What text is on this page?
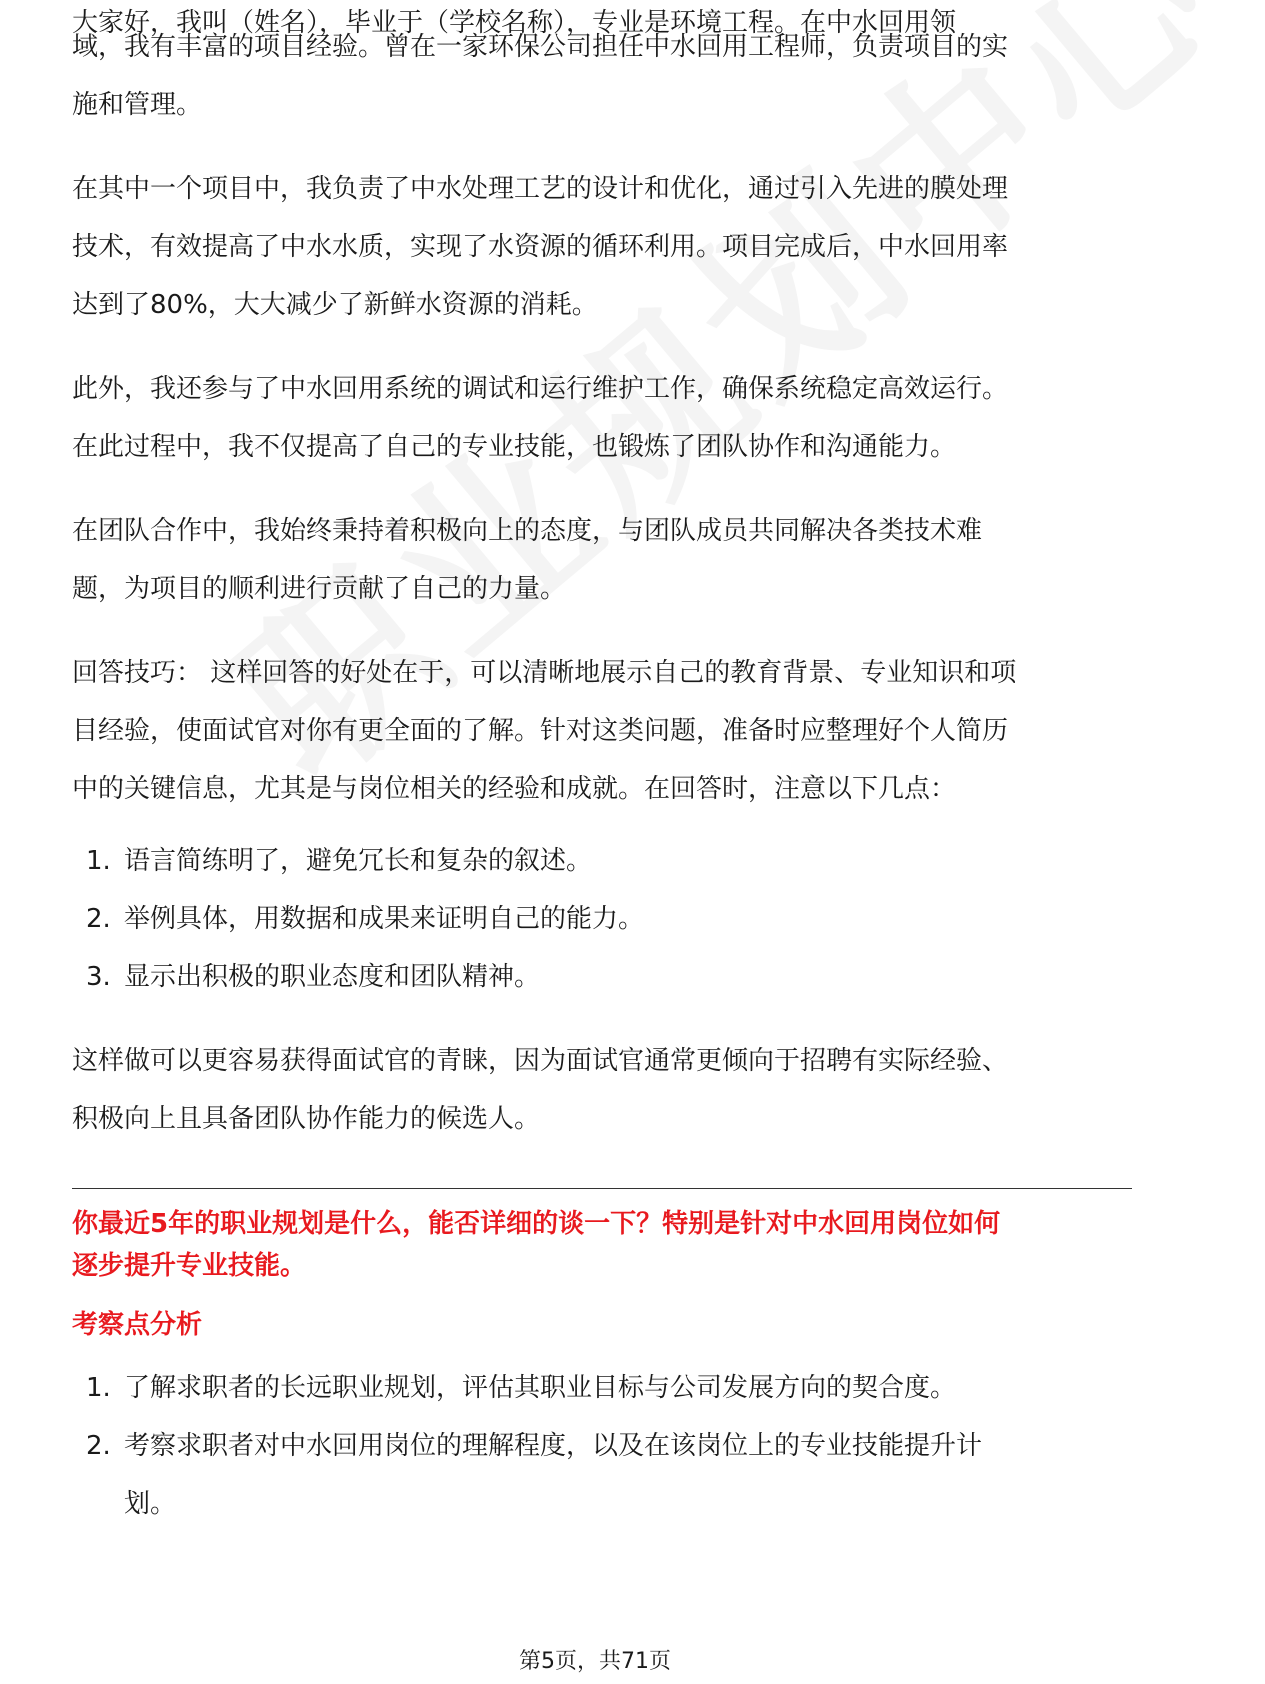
大家好，我叫（姓名），毕业于（学校名称），专业是环境工程。在中水回用领

域，我有丰富的项目经验。曾在一家环保公司担任中水回用工程师，负责项目的实
施和管理。

在其中一个项目中，我负责了中水处理工艺的设计和优化，通过引入先进的膜处理
技术，有效提高了中水水质，实现了水资源的循环利用。项目完成后，中水回用率
达到了80%，大大减少了新鲜水资源的消耗。

此外，我还参与了中水回用系统的调试和运行维护工作，确保系统稳定高效运行。
在此过程中，我不仅提高了自己的专业技能，也锻炼了团队协作和沟通能力。

在团队合作中，我始终秉持着积极向上的态度，与团队成员共同解决各类技术难
题，为项目的顺利进行贡献了自己的力量。

回答技巧： 这样回答的好处在于，可以清晰地展示自己的教育背景、专业知识和项
目经验，使面试官对你有更全面的了解。针对这类问题，准备时应整理好个人简历
中的关键信息，尤其是与岗位相关的经验和成就。在回答时，注意以下几点：

1. 语言简练明了，避免冗长和复杂的叙述。
2. 举例具体，用数据和成果来证明自己的能力。
3. 显示出积极的职业态度和团队精神。

这样做可以更容易获得面试官的青睐，因为面试官通常更倾向于招聘有实际经验、
积极向上且具备团队协作能力的候选人。

你最近5年的职业规划是什么，能否详细的谈一下？特别是针对中水回用岗位如何
逐步提升专业技能。

考察点分析

1. 了解求职者的长远职业规划，评估其职业目标与公司发展方向的契合度。
2. 考察求职者对中水回用岗位的理解程度，以及在该岗位上的专业技能提升计
划。
第5页，共71页
